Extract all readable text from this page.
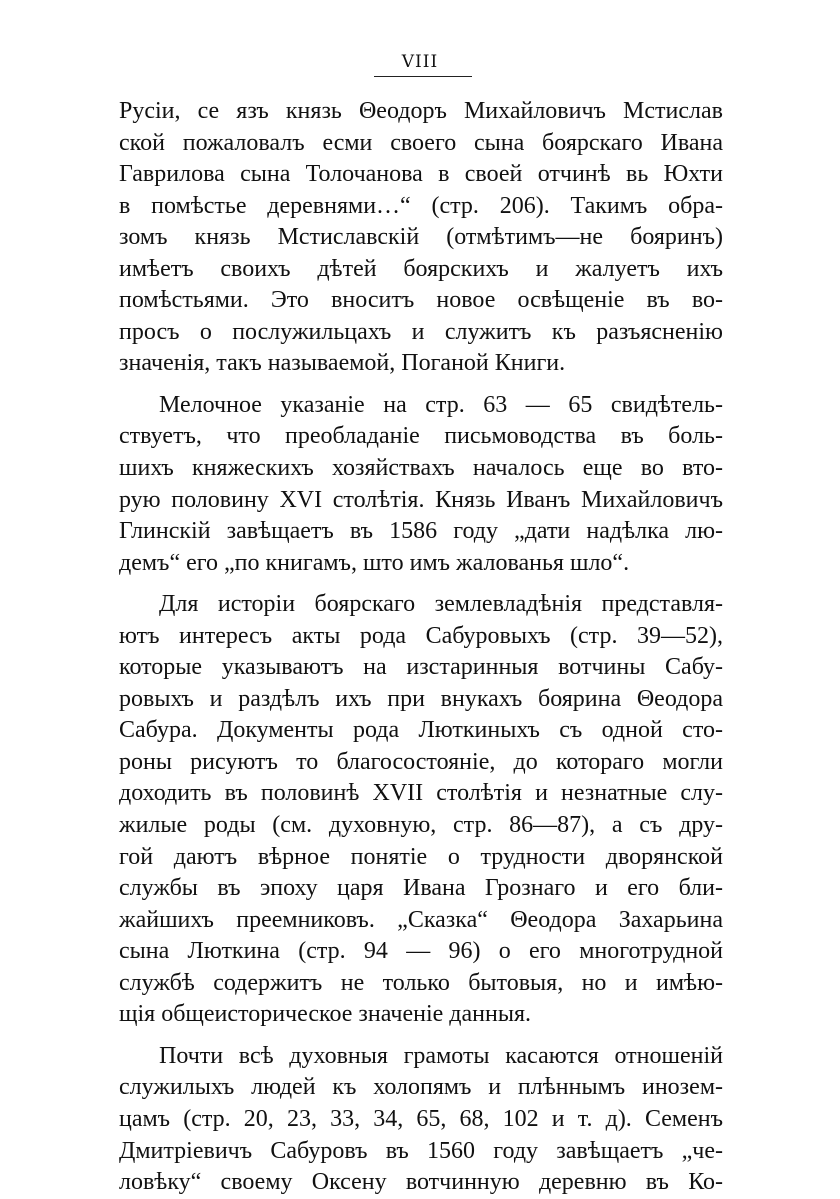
VIII
Русiи, се язъ князь Θеодоръ Михайловичъ Мстислав
ской пожаловалъ есми своего сына боярскаго Ивана
Гаврилова сына Толочанова в своей отчинѣ вь Юхти
в помѣстье деревнями…“ (стр. 206). Такимъ обра-
зомъ князь Мстиславскiй (отмѣтимъ—не бояринъ)
имѣетъ своихъ дѣтей боярскихъ и жалуетъ ихъ
помѣстьями. Это вноситъ новое освѣщенiе въ во-
просъ о послужильцахъ и служитъ къ разъясненiю
значенiя, такъ называемой, Поганой Книги.
Мелочное указанiе на стр. 63 — 65 свидѣтель-
ствуетъ, что преобладанiе письмоводства въ боль-
шихъ княжескихъ хозяйствахъ началось еще во вто-
рую половину XVI столѣтiя. Князь Иванъ Михайловичъ
Глинскiй завѣщаетъ въ 1586 году „дати надѣлка лю-
демъ“ его „по книгамъ, што имъ жалованья шло“.
Для исторiи боярскаго землевладѣнiя представля-
ютъ интересъ акты рода Сабуровыхъ (стр. 39—52),
которые указываютъ на изстаринныя вотчины Сабу-
ровыхъ и раздѣлъ ихъ при внукахъ боярина Θеодора
Сабура. Документы рода Люткиныхъ съ одной сто-
роны рисуютъ то благосостоянiе, до котораго могли
доходить въ половинѣ XVII столѣтiя и незнатные слу-
жилые роды (см. духовную, стр. 86—87), а съ дру-
гой даютъ вѣрное понятiе о трудности дворянской
службы въ эпоху царя Ивана Грознаго и его бли-
жайшихъ преемниковъ. „Сказка“ Θеодора Захарьина
сына Люткина (стр. 94 — 96) о его многотрудной
службѣ содержитъ не только бытовыя, но и имѣю-
щiя общеисторическое значенiе данныя.
Почти всѣ духовныя грамоты касаются отношенiй
служилыхъ людей къ холопямъ и плѣннымъ инозем-
цамъ (стр. 20, 23, 33, 34, 65, 68, 102 и т. д). Семенъ
Дмитрiевичъ Сабуровъ въ 1560 году завѣщаетъ „че-
ловѣку“ своему Оксену вотчинную деревню въ Ко-
